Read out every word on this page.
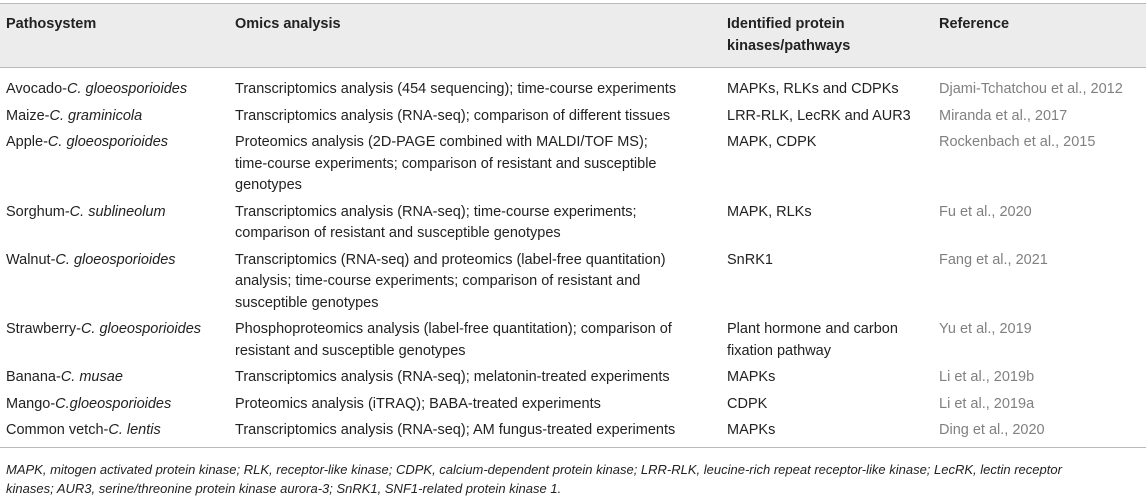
Pathosystem	Omics analysis	Identified protein
kinases/pathways	Reference
Avocado-C. gloeosporioides	Transcriptomics analysis (454 sequencing); time-course experiments	MAPKs, RLKs and CDPKs	Djami-Tchatchou et al., 2012
Maize-C. graminicola	Transcriptomics analysis (RNA-seq); comparison of different tissues	LRR-RLK, LecRK and AUR3	Miranda et al., 2017
Apple-C. gloeosporioides	Proteomics analysis (2D-PAGE combined with MALDI/TOF MS);
time-course experiments; comparison of resistant and susceptible
genotypes	MAPK, CDPK	Rockenbach et al., 2015
Sorghum-C. sublineolum	Transcriptomics analysis (RNA-seq); time-course experiments;
comparison of resistant and susceptible genotypes	MAPK, RLKs	Fu et al., 2020
Walnut-C. gloeosporioides	Transcriptomics (RNA-seq) and proteomics (label-free quantitation)
analysis; time-course experiments; comparison of resistant and
susceptible genotypes	SnRK1	Fang et al., 2021
Strawberry-C. gloeosporioides	Phosphoproteomics analysis (label-free quantitation); comparison of
resistant and susceptible genotypes	Plant hormone and carbon
fixation pathway	Yu et al., 2019
Banana-C. musae	Transcriptomics analysis (RNA-seq); melatonin-treated experiments	MAPKs	Li et al., 2019b
Mango-C.gloeosporioides	Proteomics analysis (iTRAQ); BABA-treated experiments	CDPK	Li et al., 2019a
Common vetch-C. lentis	Transcriptomics analysis (RNA-seq); AM fungus-treated experiments	MAPKs	Ding et al., 2020
MAPK, mitogen activated protein kinase; RLK, receptor-like kinase; CDPK, calcium-dependent protein kinase; LRR-RLK, leucine-rich repeat receptor-like kinase; LecRK, lectin receptor
kinases; AUR3, serine/threonine protein kinase aurora-3; SnRK1, SNF1-related protein kinase 1.
